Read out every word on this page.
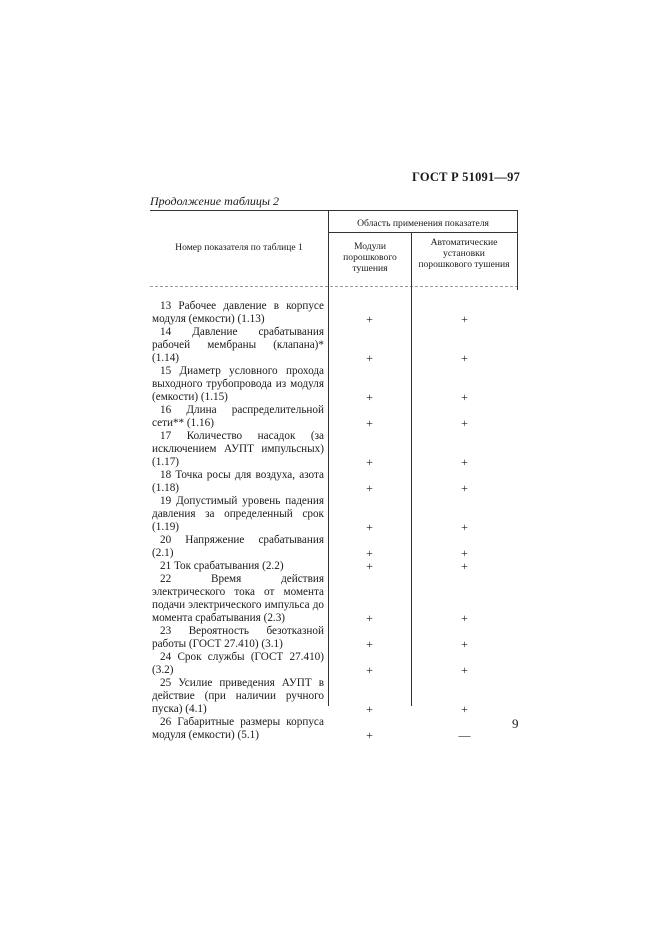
ГОСТ Р 51091—97
Продолжение таблицы 2
Номер показателя по таблице 1
Область применения показателя
Модули порошкового тушения
Автоматические установки порошкового тушения
13 Рабочее давление в корпусе модуля (емкости) (1.13)	+	+
14 Давление срабатывания рабочей мембраны (клапана)* (1.14)	+	+
15 Диаметр условного прохода выходного трубопровода из модуля (емкости) (1.15)	+	+
16 Длина распределительной сети** (1.16)	+	+
17 Количество насадок (за исключением АУПТ импульсных) (1.17)	+	+
18 Точка росы для воздуха, азота (1.18)	+	+
19 Допустимый уровень падения давления за определенный срок (1.19)	+	+
20 Напряжение срабатывания (2.1)	+	+
21 Ток срабатывания (2.2)	+	+
22 Время действия электрического тока от момента подачи электрического импульса до момента срабатывания (2.3)	+	+
23 Вероятность безотказной работы (ГОСТ 27.410) (3.1)	+	+
24 Срок службы (ГОСТ 27.410) (3.2)	+	+
25 Усилие приведения АУПТ в действие (при наличии ручного пуска) (4.1)	+	+
26 Габаритные размеры корпуса модуля (емкости) (5.1)	+	—
9
